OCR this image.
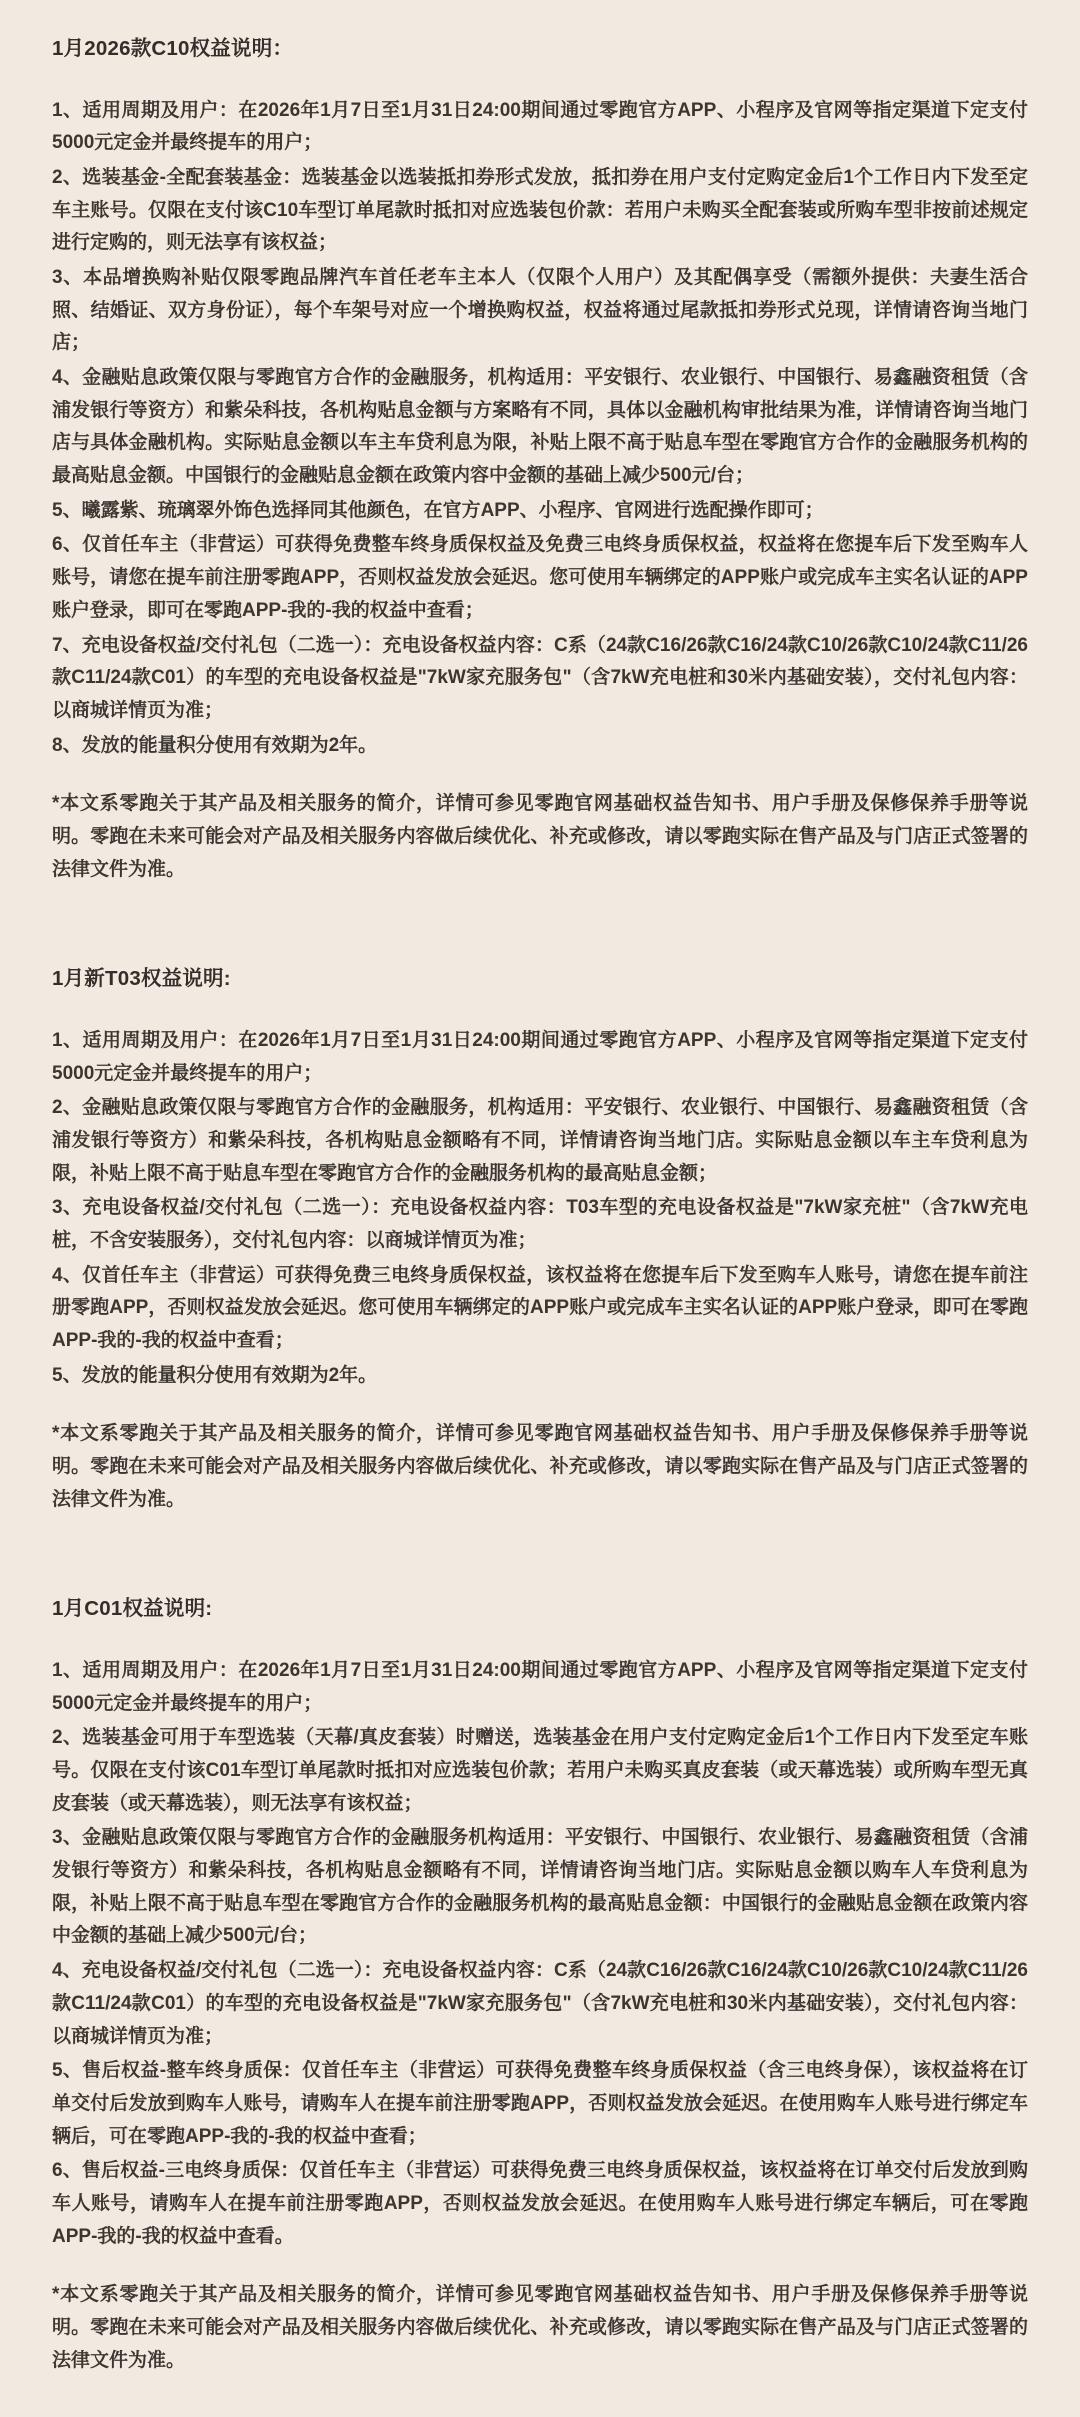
1月2026款C10权益说明：

1、适用周期及用户：在2026年1月7日至1月31日24:00期间通过零跑官方APP、小程序及官网等指定渠道下定支付5000元定金并最终提车的用户；

2、选装基金-全配套装基金：选装基金以选装抵扣券形式发放，抵扣券在用户支付定购定金后1个工作日内下发至定车主账号。仅限在支付该C10车型订单尾款时抵扣对应选装包价款：若用户未购买全配套装或所购车型非按前述规定进行定购的，则无法享有该权益；

3、本品增换购补贴仅限零跑品牌汽车首任老车主本人（仅限个人用户）及其配偶享受（需额外提供：夫妻生活合照、结婚证、双方身份证），每个车架号对应一个增换购权益，权益将通过尾款抵扣券形式兑现，详情请咨询当地门店；

4、金融贴息政策仅限与零跑官方合作的金融服务，机构适用：平安银行、农业银行、中国银行、易鑫融资租赁（含浦发银行等资方）和紫朵科技，各机构贴息金额与方案略有不同，具体以金融机构审批结果为准，详情请咨询当地门店与具体金融机构。实际贴息金额以车主车贷利息为限，补贴上限不高于贴息车型在零跑官方合作的金融服务机构的最高贴息金额。中国银行的金融贴息金额在政策内容中金额的基础上减少500元/台；

5、曦露紫、琉璃翠外饰色选择同其他颜色，在官方APP、小程序、官网进行选配操作即可；

6、仅首任车主（非营运）可获得免费整车终身质保权益及免费三电终身质保权益，权益将在您提车后下发至购车人账号，请您在提车前注册零跑APP，否则权益发放会延迟。您可使用车辆绑定的APP账户或完成车主实名认证的APP账户登录，即可在零跑APP-我的-我的权益中查看；

7、充电设备权益/交付礼包（二选一）：充电设备权益内容：C系（24款C16/26款C16/24款C10/26款C10/24款C11/26款C11/24款C01）的车型的充电设备权益是"7kW家充服务包"（含7kW充电桩和30米内基础安装），交付礼包内容：以商城详情页为准；

8、发放的能量积分使用有效期为2年。

*本文系零跑关于其产品及相关服务的简介，详情可参见零跑官网基础权益告知书、用户手册及保修保养手册等说明。零跑在未来可能会对产品及相关服务内容做后续优化、补充或修改，请以零跑实际在售产品及与门店正式签署的法律文件为准。

1月新T03权益说明:

1、适用周期及用户：在2026年1月7日至1月31日24:00期间通过零跑官方APP、小程序及官网等指定渠道下定支付5000元定金并最终提车的用户；

2、金融贴息政策仅限与零跑官方合作的金融服务，机构适用：平安银行、农业银行、中国银行、易鑫融资租赁（含浦发银行等资方）和紫朵科技，各机构贴息金额略有不同，详情请咨询当地门店。实际贴息金额以车主车贷利息为限，补贴上限不高于贴息车型在零跑官方合作的金融服务机构的最高贴息金额；

3、充电设备权益/交付礼包（二选一）：充电设备权益内容：T03车型的充电设备权益是"7kW家充桩"（含7kW充电桩，不含安装服务），交付礼包内容：以商城详情页为准；

4、仅首任车主（非营运）可获得免费三电终身质保权益，该权益将在您提车后下发至购车人账号，请您在提车前注册零跑APP，否则权益发放会延迟。您可使用车辆绑定的APP账户或完成车主实名认证的APP账户登录，即可在零跑APP-我的-我的权益中查看；

5、发放的能量积分使用有效期为2年。

*本文系零跑关于其产品及相关服务的简介，详情可参见零跑官网基础权益告知书、用户手册及保修保养手册等说明。零跑在未来可能会对产品及相关服务内容做后续优化、补充或修改，请以零跑实际在售产品及与门店正式签署的法律文件为准。

1月C01权益说明:

1、适用周期及用户：在2026年1月7日至1月31日24:00期间通过零跑官方APP、小程序及官网等指定渠道下定支付5000元定金并最终提车的用户；

2、选装基金可用于车型选装（天幕/真皮套装）时赠送，选装基金在用户支付定购定金后1个工作日内下发至定车账号。仅限在支付该C01车型订单尾款时抵扣对应选装包价款；若用户未购买真皮套装（或天幕选装）或所购车型无真皮套装（或天幕选装），则无法享有该权益；

3、金融贴息政策仅限与零跑官方合作的金融服务机构适用：平安银行、中国银行、农业银行、易鑫融资租赁（含浦发银行等资方）和紫朵科技，各机构贴息金额略有不同，详情请咨询当地门店。实际贴息金额以购车人车贷利息为限，补贴上限不高于贴息车型在零跑官方合作的金融服务机构的最高贴息金额：中国银行的金融贴息金额在政策内容中金额的基础上减少500元/台；

4、充电设备权益/交付礼包（二选一）：充电设备权益内容：C系（24款C16/26款C16/24款C10/26款C10/24款C11/26款C11/24款C01）的车型的充电设备权益是"7kW家充服务包"（含7kW充电桩和30米内基础安装），交付礼包内容：以商城详情页为准；

5、售后权益-整车终身质保：仅首任车主（非营运）可获得免费整车终身质保权益（含三电终身保），该权益将在订单交付后发放到购车人账号，请购车人在提车前注册零跑APP，否则权益发放会延迟。在使用购车人账号进行绑定车辆后，可在零跑APP-我的-我的权益中查看；

6、售后权益-三电终身质保：仅首任车主（非营运）可获得免费三电终身质保权益，该权益将在订单交付后发放到购车人账号，请购车人在提车前注册零跑APP，否则权益发放会延迟。在使用购车人账号进行绑定车辆后，可在零跑APP-我的-我的权益中查看。

*本文系零跑关于其产品及相关服务的简介，详情可参见零跑官网基础权益告知书、用户手册及保修保养手册等说明。零跑在未来可能会对产品及相关服务内容做后续优化、补充或修改，请以零跑实际在售产品及与门店正式签署的法律文件为准。
